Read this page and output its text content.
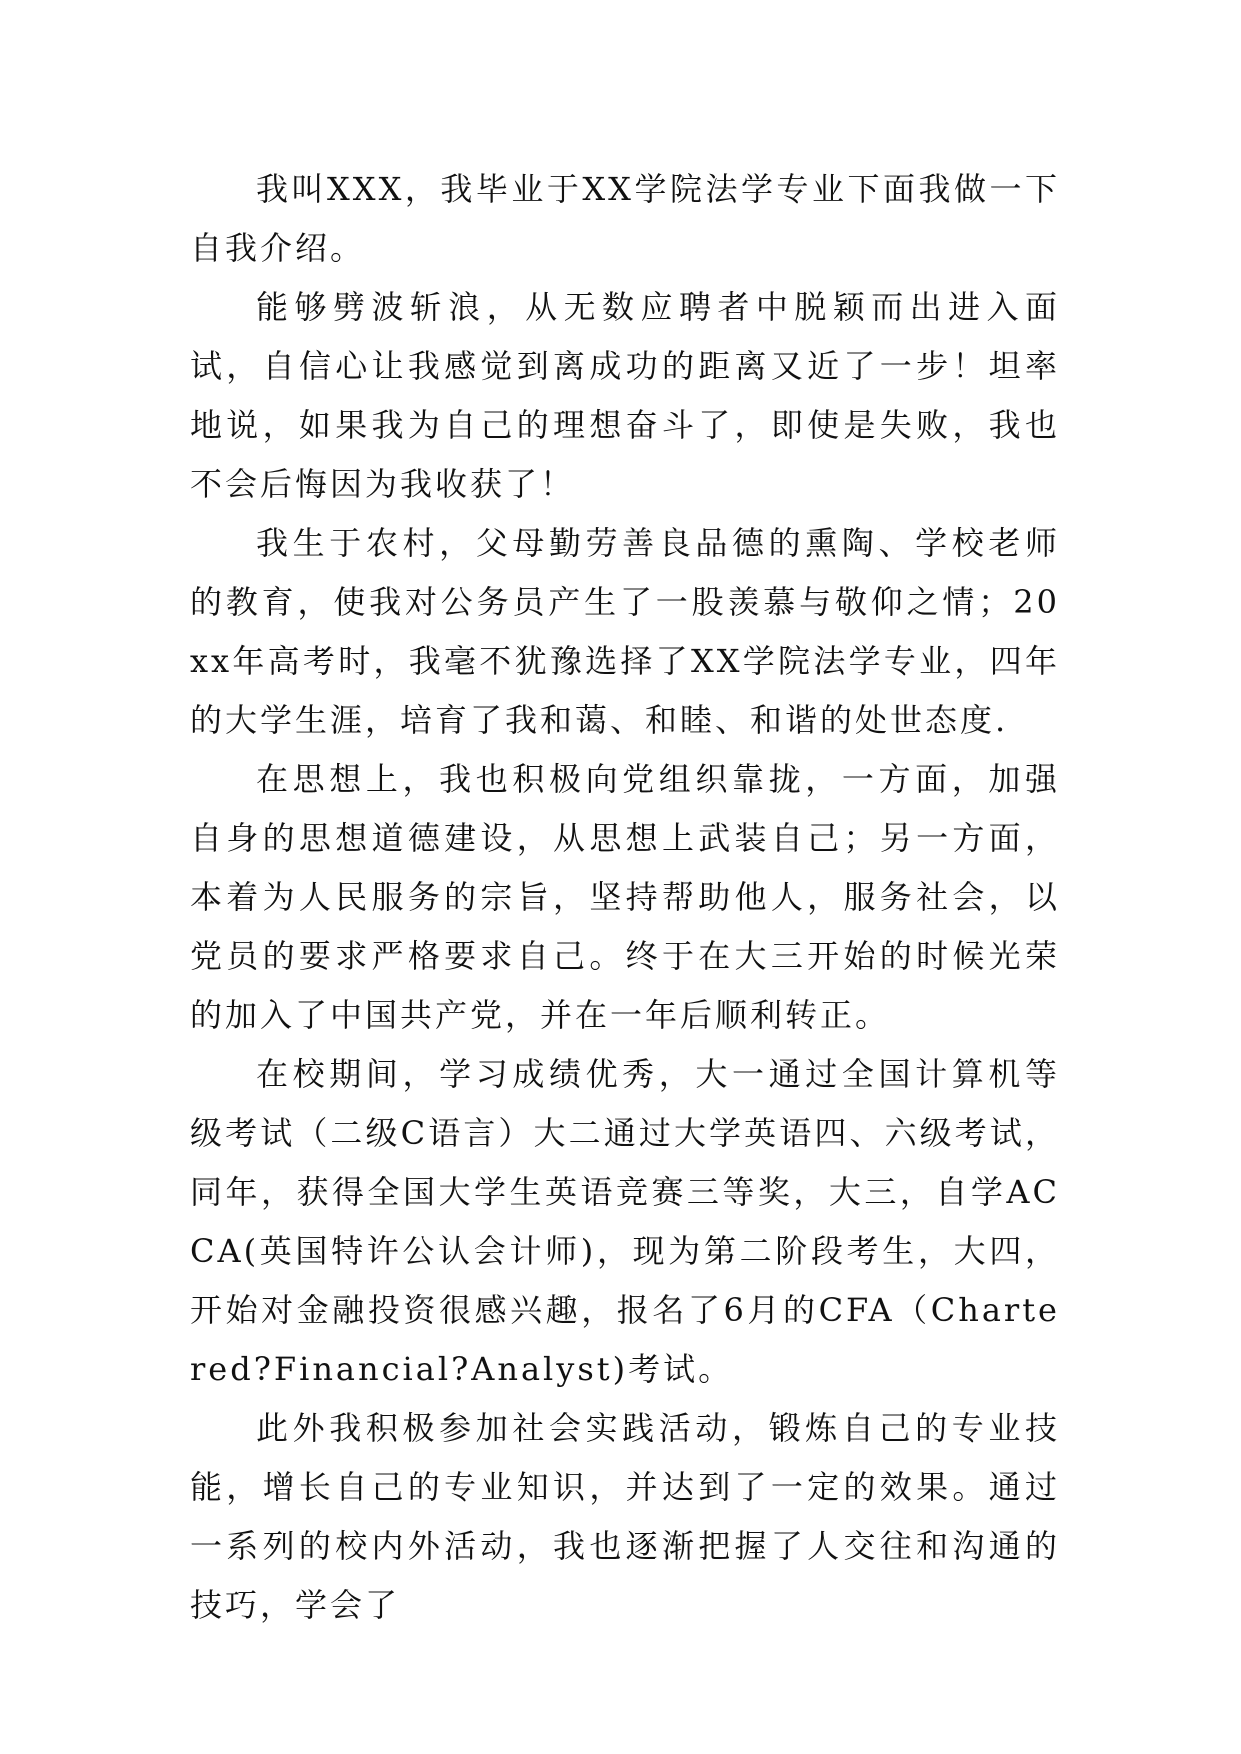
我叫XXX，我毕业于XX学院法学专业下面我做一下自我介绍。

能够劈波斩浪，从无数应聘者中脱颖而出进入面试，自信心让我感觉到离成功的距离又近了一步！坦率地说，如果我为自己的理想奋斗了，即使是失败，我也不会后悔因为我收获了！

我生于农村，父母勤劳善良品德的熏陶、学校老师的教育，使我对公务员产生了一股羡慕与敬仰之情；20xx年高考时，我毫不犹豫选择了XX学院法学专业，四年的大学生涯，培育了我和蔼、和睦、和谐的处世态度.

在思想上，我也积极向党组织靠拢，一方面，加强自身的思想道德建设，从思想上武装自己；另一方面，本着为人民服务的宗旨，坚持帮助他人，服务社会，以党员的要求严格要求自己。终于在大三开始的时候光荣的加入了中国共产党，并在一年后顺利转正。

在校期间，学习成绩优秀，大一通过全国计算机等级考试（二级C语言）大二通过大学英语四、六级考试，同年，获得全国大学生英语竞赛三等奖，大三，自学ACCA(英国特许公认会计师)，现为第二阶段考生，大四，开始对金融投资很感兴趣，报名了6月的CFA（Chartered?Financial?Analyst)考试。

此外我积极参加社会实践活动，锻炼自己的专业技能，增长自己的专业知识，并达到了一定的效果。通过一系列的校内外活动，我也逐渐把握了人交往和沟通的技巧，学会了
